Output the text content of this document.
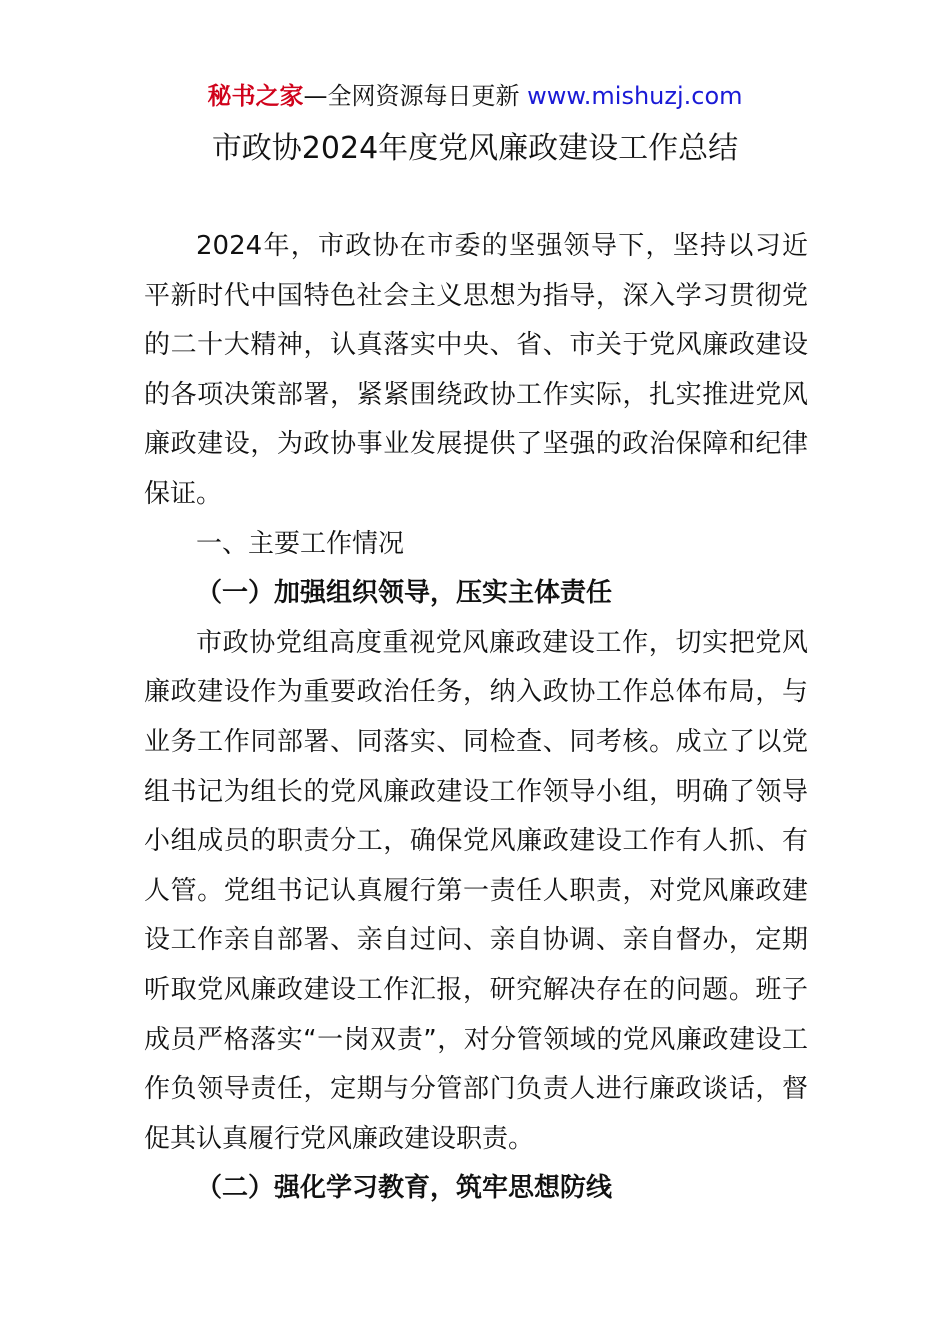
秘书之家—全网资源每日更新 www.mishuzj.com
市政协2024年度党风廉政建设工作总结

2024年，市政协在市委的坚强领导下，坚持以习近平新时代中国特色社会主义思想为指导，深入学习贯彻党的二十大精神，认真落实中央、省、市关于党风廉政建设的各项决策部署，紧紧围绕政协工作实际，扎实推进党风廉政建设，为政协事业发展提供了坚强的政治保障和纪律保证。

一、主要工作情况

（一）加强组织领导，压实主体责任

市政协党组高度重视党风廉政建设工作，切实把党风廉政建设作为重要政治任务，纳入政协工作总体布局，与业务工作同部署、同落实、同检查、同考核。成立了以党组书记为组长的党风廉政建设工作领导小组，明确了领导小组成员的职责分工，确保党风廉政建设工作有人抓、有人管。党组书记认真履行第一责任人职责，对党风廉政建设工作亲自部署、亲自过问、亲自协调、亲自督办，定期听取党风廉政建设工作汇报，研究解决存在的问题。班子成员严格落实“一岗双责”，对分管领域的党风廉政建设工作负领导责任，定期与分管部门负责人进行廉政谈话，督促其认真履行党风廉政建设职责。

（二）强化学习教育，筑牢思想防线
